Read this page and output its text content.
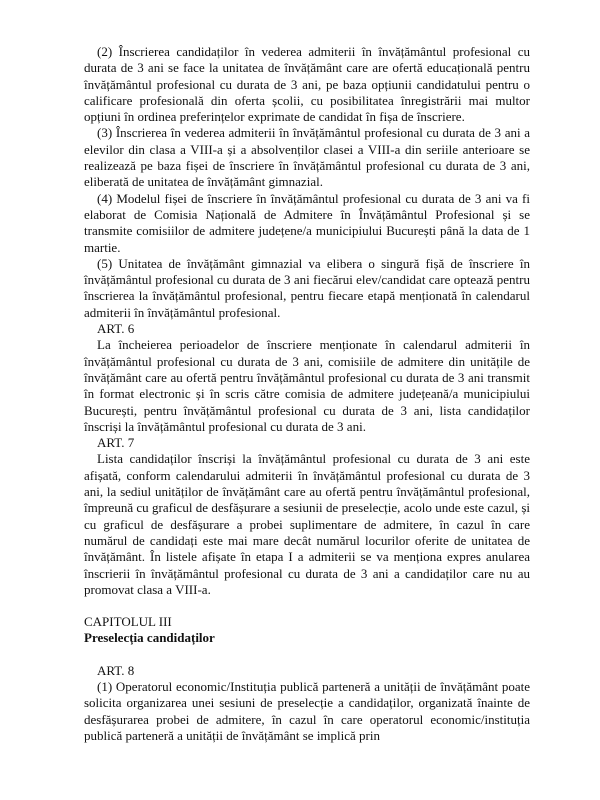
(2) Înscrierea candidaților în vederea admiterii în învățământul profesional cu durata de 3 ani se face la unitatea de învățământ care are ofertă educațională pentru învățământul profesional cu durata de 3 ani, pe baza opțiunii candidatului pentru o calificare profesională din oferta școlii, cu posibilitatea înregistrării mai multor opțiuni în ordinea preferințelor exprimate de candidat în fișa de înscriere.

(3) Înscrierea în vederea admiterii în învățământul profesional cu durata de 3 ani a elevilor din clasa a VIII-a și a absolvenților clasei a VIII-a din seriile anterioare se realizează pe baza fișei de înscriere în învățământul profesional cu durata de 3 ani, eliberată de unitatea de învățământ gimnazial.

(4) Modelul fișei de înscriere în învățământul profesional cu durata de 3 ani va fi elaborat de Comisia Națională de Admitere în Învățământul Profesional și se transmite comisiilor de admitere județene/a municipiului București până la data de 1 martie.

(5) Unitatea de învățământ gimnazial va elibera o singură fișă de înscriere în învățământul profesional cu durata de 3 ani fiecărui elev/candidat care optează pentru înscrierea la învățământul profesional, pentru fiecare etapă menționată în calendarul admiterii în învățământul profesional.

ART. 6

La încheierea perioadelor de înscriere menționate în calendarul admiterii în învățământul profesional cu durata de 3 ani, comisiile de admitere din unitățile de învățământ care au ofertă pentru învățământul profesional cu durata de 3 ani transmit în format electronic și în scris către comisia de admitere județeană/a municipiului București, pentru învățământul profesional cu durata de 3 ani, lista candidaților înscriși la învățământul profesional cu durata de 3 ani.

ART. 7

Lista candidaților înscriși la învățământul profesional cu durata de 3 ani este afișată, conform calendarului admiterii în învățământul profesional cu durata de 3 ani, la sediul unităților de învățământ care au ofertă pentru învățământul profesional, împreună cu graficul de desfășurare a sesiunii de preselecție, acolo unde este cazul, și cu graficul de desfășurare a probei suplimentare de admitere, în cazul în care numărul de candidați este mai mare decât numărul locurilor oferite de unitatea de învățământ. În listele afișate în etapa I a admiterii se va menționa expres anularea înscrierii în învățământul profesional cu durata de 3 ani a candidaților care nu au promovat clasa a VIII-a.

CAPITOLUL III

Preselecția candidaților

ART. 8

(1) Operatorul economic/Instituția publică parteneră a unității de învățământ poate solicita organizarea unei sesiuni de preselecție a candidaților, organizată înainte de desfășurarea probei de admitere, în cazul în care operatorul economic/instituția publică parteneră a unității de învățământ se implică prin
